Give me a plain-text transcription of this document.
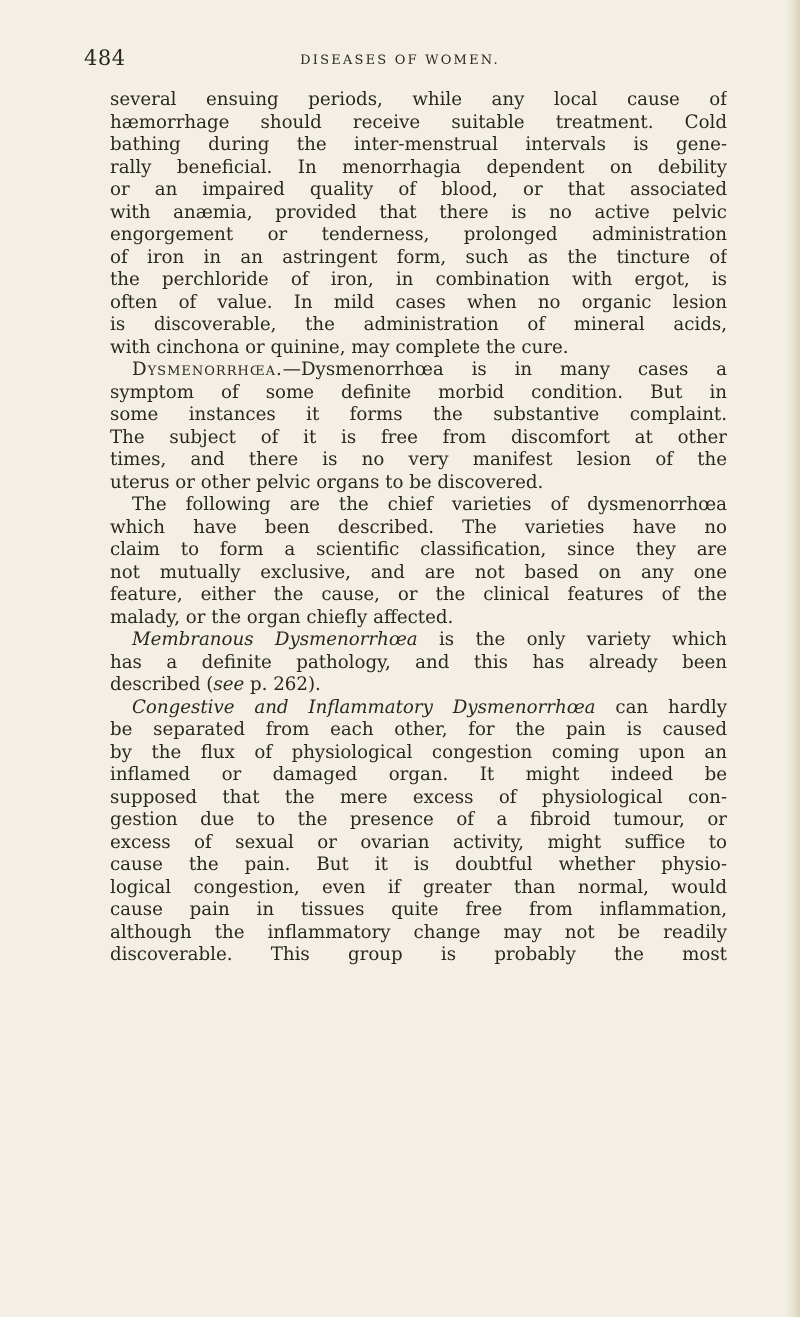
484	DISEASES OF WOMEN.
several ensuing periods, while any local cause of
hæmorrhage should receive suitable treatment. Cold
bathing during the inter-menstrual intervals is gene-
rally beneficial. In menorrhagia dependent on debility
or an impaired quality of blood, or that associated
with anæmia, provided that there is no active pelvic
engorgement or tenderness, prolonged administration
of iron in an astringent form, such as the tincture of
the perchloride of iron, in combination with ergot, is
often of value. In mild cases when no organic lesion
is discoverable, the administration of mineral acids,
with cinchona or quinine, may complete the cure.
Dysmenorrhœa.—Dysmenorrhœa is in many cases a
symptom of some definite morbid condition. But in
some instances it forms the substantive complaint.
The subject of it is free from discomfort at other
times, and there is no very manifest lesion of the
uterus or other pelvic organs to be discovered.
The following are the chief varieties of dysmenorrhœa
which have been described. The varieties have no
claim to form a scientific classification, since they are
not mutually exclusive, and are not based on any one
feature, either the cause, or the clinical features of the
malady, or the organ chiefly affected.
Membranous Dysmenorrhœa is the only variety which
has a definite pathology, and this has already been
described (see p. 262).
Congestive and Inflammatory Dysmenorrhœa can hardly
be separated from each other, for the pain is caused
by the flux of physiological congestion coming upon an
inflamed or damaged organ. It might indeed be
supposed that the mere excess of physiological con-
gestion due to the presence of a fibroid tumour, or
excess of sexual or ovarian activity, might suffice to
cause the pain. But it is doubtful whether physio-
logical congestion, even if greater than normal, would
cause pain in tissues quite free from inflammation,
although the inflammatory change may not be readily
discoverable. This group is probably the most
